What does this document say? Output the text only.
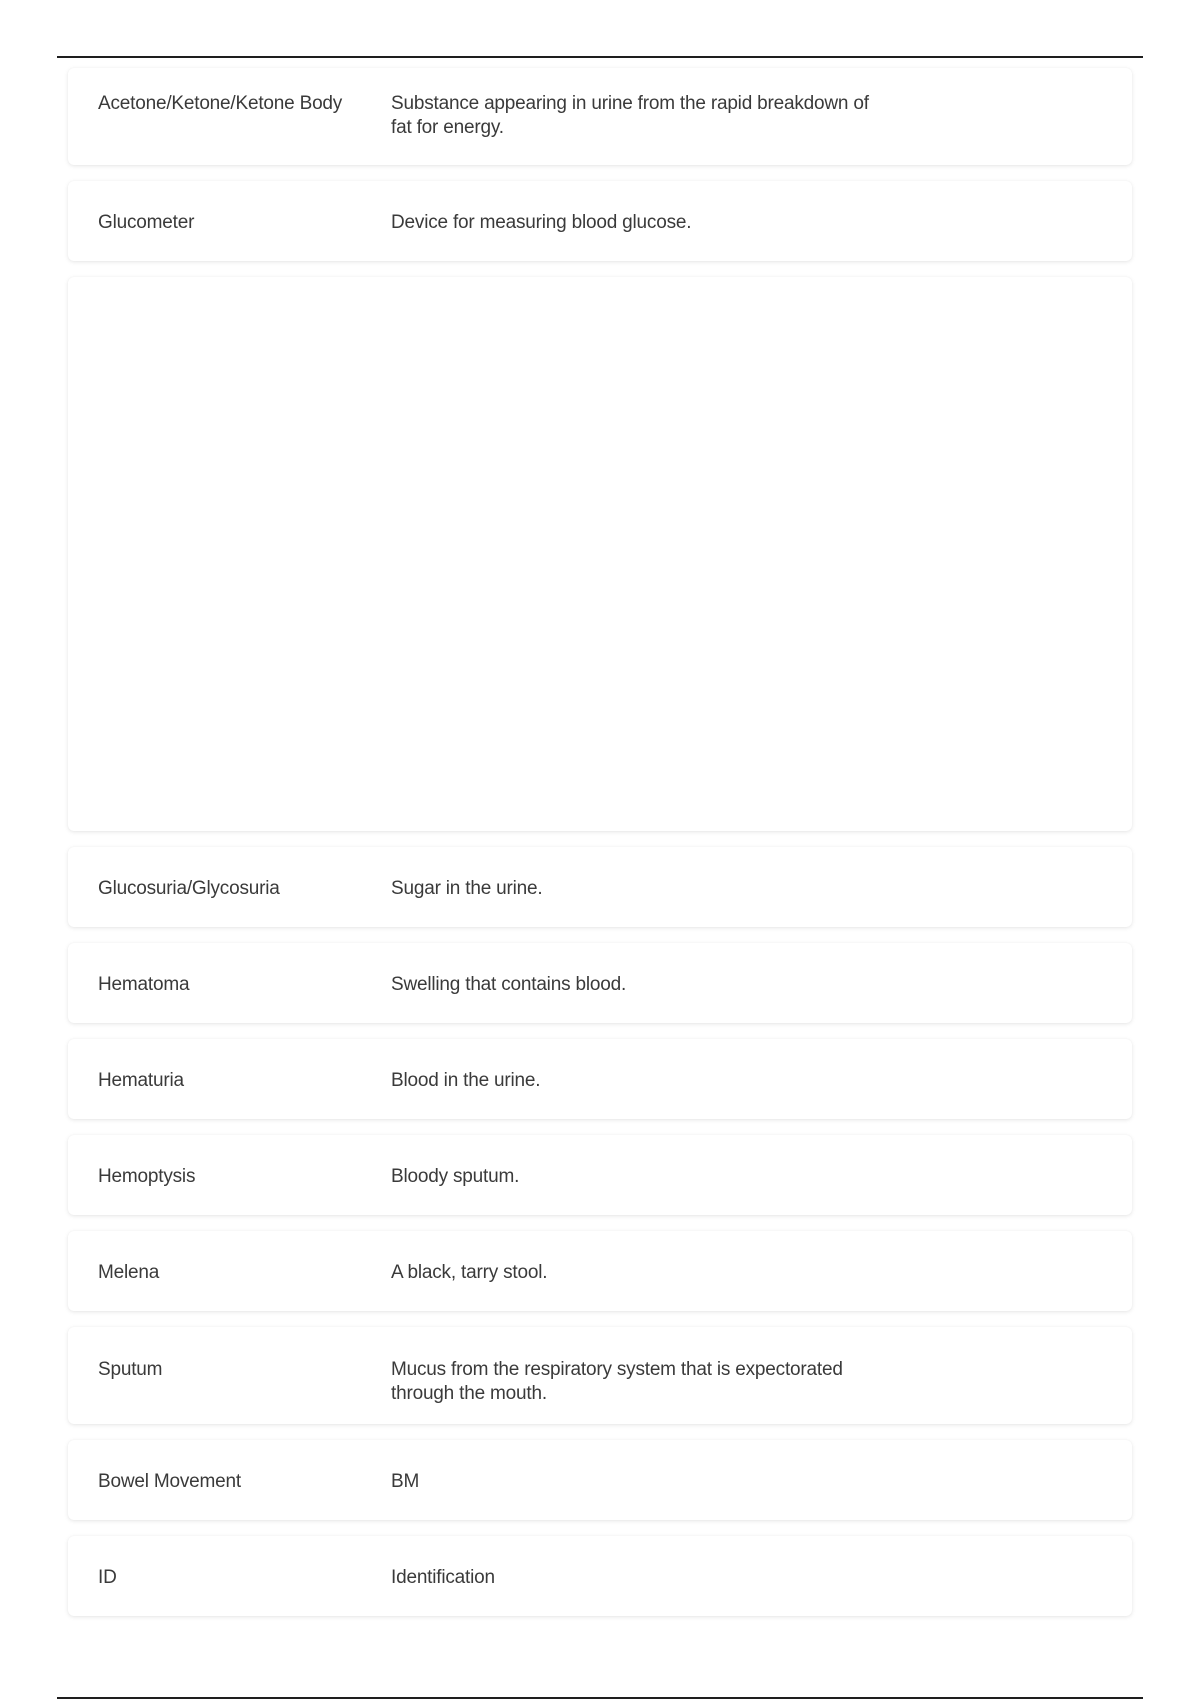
Acetone/Ketone/Ketone Body	Substance appearing in urine from the rapid breakdown of fat for energy.
Glucometer	Device for measuring blood glucose.
Glucosuria/Glycosuria	Sugar in the urine.
Hematoma	Swelling that contains blood.
Hematuria	Blood in the urine.
Hemoptysis	Bloody sputum.
Melena	A black, tarry stool.
Sputum	Mucus from the respiratory system that is expectorated through the mouth.
Bowel Movement	BM
ID	Identification
